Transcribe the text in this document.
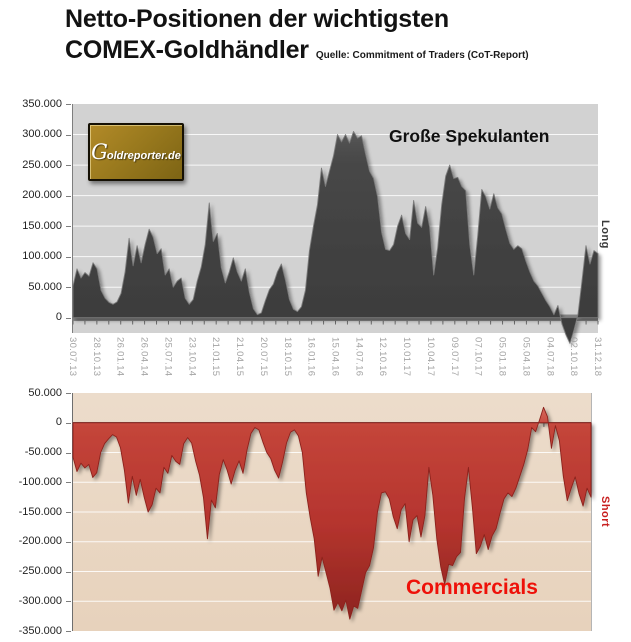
Netto-Positionen der wichtigsten
COMEX-Goldhändler Quelle: Commitment of Traders (CoT-Report)
350.000
300.000
250.000
200.000
150.000
100.000
50.000
0
Goldreporter.de
Große Spekulanten
30.07.13 28.10.13 26.01.14 26.04.14 25.07.14 23.10.14 21.01.15 21.04.15 20.07.15 18.10.15 16.01.16 15.04.16 14.07.16 12.10.16 10.01.17 10.04.17 09.07.17 07.10.17 05.01.18 05.04.18 04.07.18 02.10.18 31.12.18
Long
50.000
0
-50.000
-100.000
-150.000
-200.000
-250.000
-300.000
-350.000
Commercials
Short
